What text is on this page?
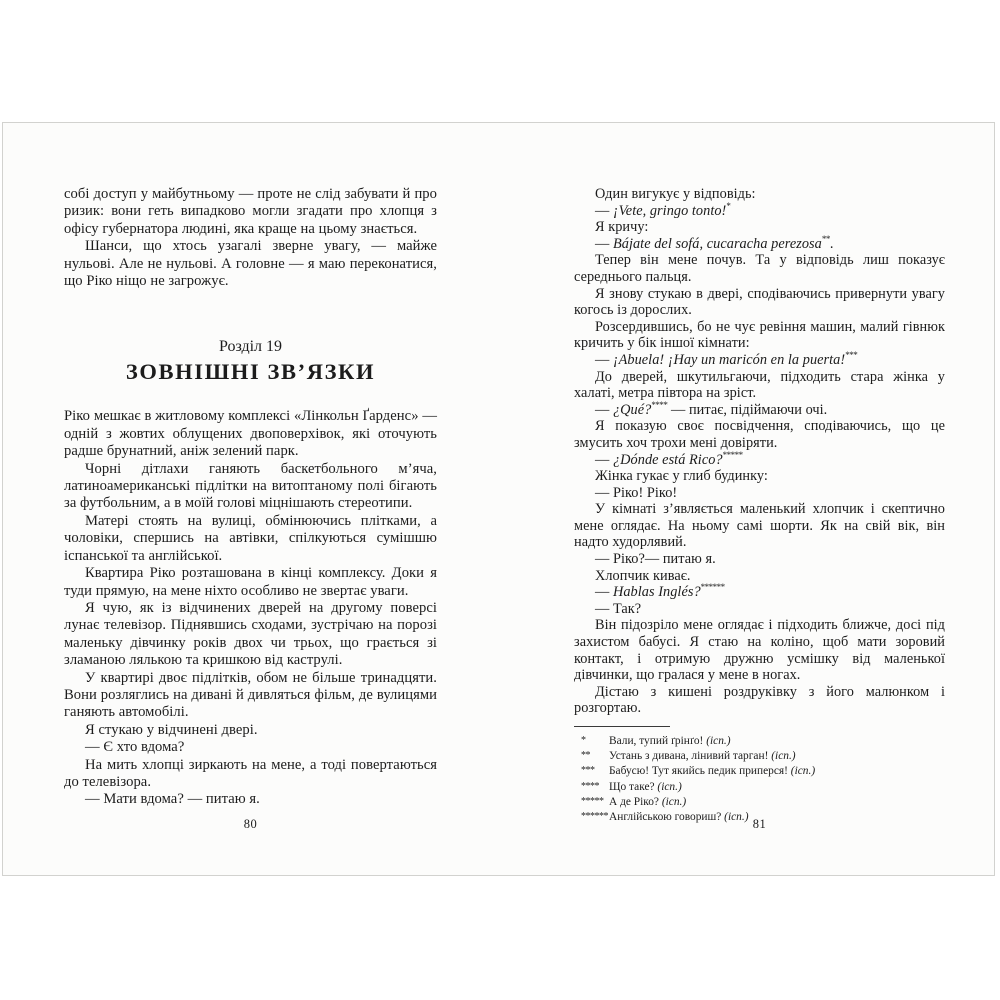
собі доступ у майбутньому — проте не слід забувати й про ризик: вони геть випадково могли згадати про хлопця з офісу губернатора людині, яка краще на цьому знається.

Шанси, що хтось узагалі зверне увагу, — майже нульові. Але не нульові. А головне — я маю переконатися, що Ріко ніщо не загрожує.

Розділ 19
ЗОВНІШНІ ЗВ’ЯЗКИ

Ріко мешкає в житловому комплексі «Лінкольн Ґарденс» — одній з жовтих облущених двоповерхівок, які оточують радше брунатний, аніж зелений парк.

Чорні дітлахи ганяють баскетбольного м’яча, латиноамериканські підлітки на витоптаному полі бігають за футбольним, а в моїй голові міцнішають стереотипи.

Матері стоять на вулиці, обмінюючись плітками, а чоловіки, спершись на автівки, спілкуються сумішшю іспанської та англійської.

Квартира Ріко розташована в кінці комплексу. Доки я туди прямую, на мене ніхто особливо не звертає уваги.

Я чую, як із відчинених дверей на другому поверсі лунає телевізор. Піднявшись сходами, зустрічаю на порозі маленьку дівчинку років двох чи трьох, що грається зі зламаною лялькою та кришкою від каструлі.

У квартирі двоє підлітків, обом не більше тринадцяти. Вони розляглись на дивані й дивляться фільм, де вулицями ганяють автомобілі.

Я стукаю у відчинені двері.

— Є хто вдома?

На мить хлопці зиркають на мене, а тоді повертаються до телевізора.

— Мати вдома? — питаю я.

Один вигукує у відповідь:

— ¡Vete, gringo tonto!*

Я кричу:

— Bájate del sofá, cucaracha perezosa**.

Тепер він мене почув. Та у відповідь лиш показує середнього пальця.

Я знову стукаю в двері, сподіваючись привернути увагу когось із дорослих.

Розсердившись, бо не чує ревіння машин, малий гівнюк кричить у бік іншої кімнати:

— ¡Abuela! ¡Hay un maricón en la puerta!***

До дверей, шкутильгаючи, підходить стара жінка у халаті, метра півтора на зріст.

— ¿Qué?**** — питає, підіймаючи очі.

Я показую своє посвідчення, сподіваючись, що це змусить хоч трохи мені довіряти.

— ¿Dónde está Rico?*****

Жінка гукає у глиб будинку:

— Ріко! Ріко!

У кімнаті з’являється маленький хлопчик і скептично мене оглядає. На ньому самі шорти. Як на свій вік, він надто худорлявий.

— Ріко?— питаю я.

Хлопчик киває.

— Hablas Inglés?******

— Так?

Він підозріло мене оглядає і підходить ближче, досі під захистом бабусі. Я стаю на коліно, щоб мати зоровий контакт, і отримую дружню усмішку від маленької дівчинки, що гралася у мене в ногах.

Дістаю з кишені роздруківку з його малюнком і розгортаю.

* Вали, тупий ґрінґо! (ісп.)
** Устань з дивана, лінивий тарган! (ісп.)
*** Бабусю! Тут якийсь педик приперся! (ісп.)
**** Що таке? (ісп.)
***** А де Ріко? (ісп.)
****** Англійською говориш? (ісп.)
80	81
